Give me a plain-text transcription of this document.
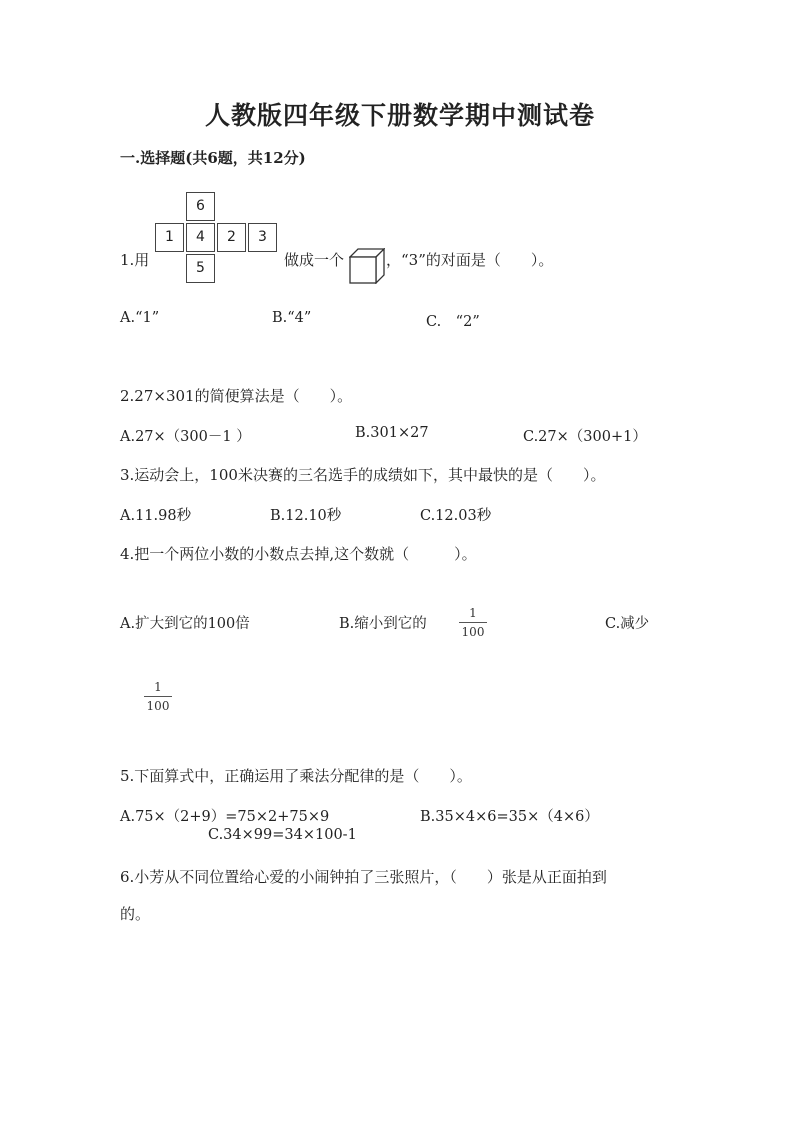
人教版四年级下册数学期中测试卷
一.选择题(共6题，共12分)
1.用
6
1	4	2	3
5	做成一个	，“3”的对面是（　　）。
A.“1”	B.“4”	C.　“2”
2.27×301的简便算法是（　　）。
A.27×（300－1 ）	B.301×27	C.27×（300+1）
3.运动会上，100米决赛的三名选手的成绩如下，其中最快的是（　　）。
A.11.98秒	B.12.10秒	C.12.03秒
4.把一个两位小数的小数点去掉,这个数就（　　　）。
A.扩大到它的100倍	B.缩小到它的
1
100	C.减少
1
100
5.下面算式中，正确运用了乘法分配律的是（　　）。
A.75×（2+9）=75×2+75×9	B.35×4×6=35×（4×6）
C.34×99=34×100-1
6.小芳从不同位置给心爱的小闹钟拍了三张照片，（　　）张是从正面拍到
的。
